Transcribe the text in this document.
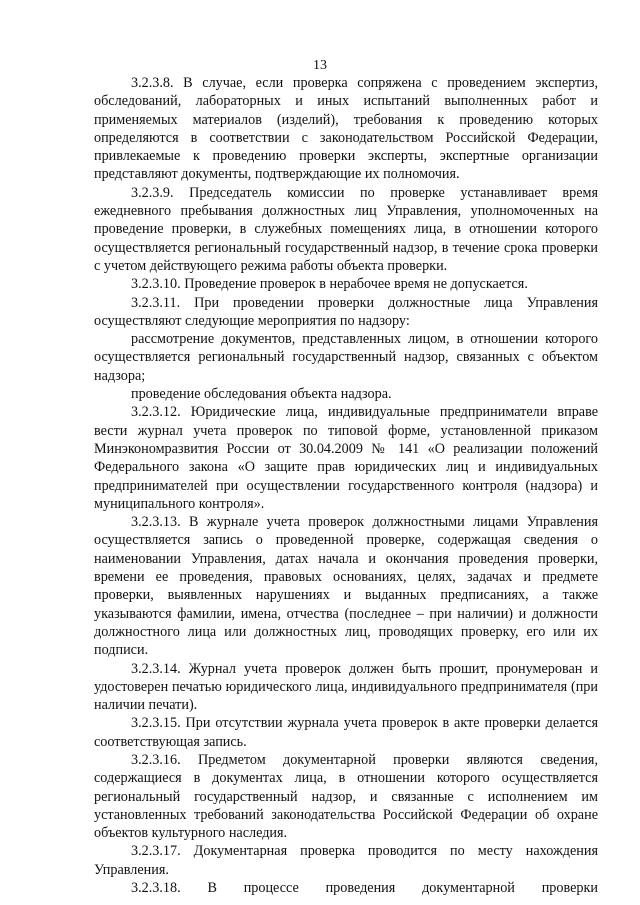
13

3.2.3.8. В случае, если проверка сопряжена с проведением экспертиз, обследований, лабораторных и иных испытаний выполненных работ и применяемых материалов (изделий), требования к проведению которых определяются в соответствии с законодательством Российской Федерации, привлекаемые к проведению проверки эксперты, экспертные организации представляют документы, подтверждающие их полномочия.

3.2.3.9. Председатель комиссии по проверке устанавливает время ежедневного пребывания должностных лиц Управления, уполномоченных на проведение проверки, в служебных помещениях лица, в отношении которого осуществляется региональный государственный надзор, в течение срока проверки с учетом действующего режима работы объекта проверки.

3.2.3.10. Проведение проверок в нерабочее время не допускается.

3.2.3.11. При проведении проверки должностные лица Управления осуществляют следующие мероприятия по надзору:

рассмотрение документов, представленных лицом, в отношении которого осуществляется региональный государственный надзор, связанных с объектом надзора;

проведение обследования объекта надзора.

3.2.3.12. Юридические лица, индивидуальные предприниматели вправе вести журнал учета проверок по типовой форме, установленной приказом Минэкономразвития России от 30.04.2009 № 141 «О реализации положений Федерального закона «О защите прав юридических лиц и индивидуальных предпринимателей при осуществлении государственного контроля (надзора) и муниципального контроля».

3.2.3.13. В журнале учета проверок должностными лицами Управления осуществляется запись о проведенной проверке, содержащая сведения о наименовании Управления, датах начала и окончания проведения проверки, времени ее проведения, правовых основаниях, целях, задачах и предмете проверки, выявленных нарушениях и выданных предписаниях, а также указываются фамилии, имена, отчества (последнее – при наличии) и должности должностного лица или должностных лиц, проводящих проверку, его или их подписи.

3.2.3.14. Журнал учета проверок должен быть прошит, пронумерован и удостоверен печатью юридического лица, индивидуального предпринимателя (при наличии печати).

3.2.3.15. При отсутствии журнала учета проверок в акте проверки делается соответствующая запись.

3.2.3.16. Предметом документарной проверки являются сведения, содержащиеся в документах лица, в отношении которого осуществляется региональный государственный надзор, и связанные с исполнением им установленных требований законодательства Российской Федерации об охране объектов культурного наследия.

3.2.3.17. Документарная проверка проводится по месту нахождения Управления.

3.2.3.18. В процессе проведения документарной проверки
